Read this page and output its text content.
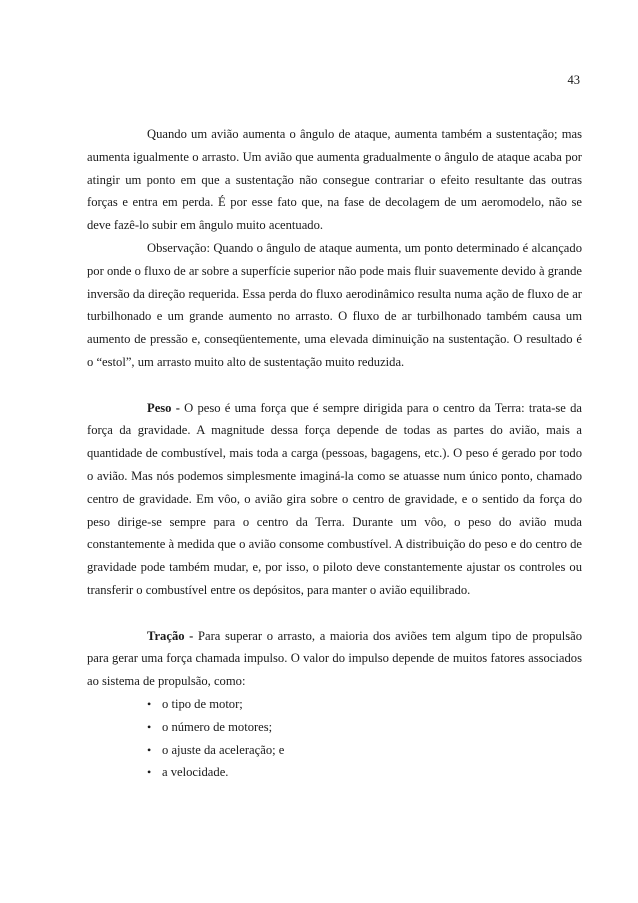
43

Quando um avião aumenta o ângulo de ataque, aumenta também a sustentação; mas aumenta igualmente o arrasto. Um avião que aumenta gradualmente o ângulo de ataque acaba por atingir um ponto em que a sustentação não consegue contrariar o efeito resultante das outras forças e entra em perda. É por esse fato que, na fase de decolagem de um aeromodelo, não se deve fazê-lo subir em ângulo muito acentuado.

Observação: Quando o ângulo de ataque aumenta, um ponto determinado é alcançado por onde o fluxo de ar sobre a superfície superior não pode mais fluir suavemente devido à grande inversão da direção requerida. Essa perda do fluxo aerodinâmico resulta numa ação de fluxo de ar turbilhonado e um grande aumento no arrasto. O fluxo de ar turbilhonado também causa um aumento de pressão e, conseqüentemente, uma elevada diminuição na sustentação. O resultado é o “estol”, um arrasto muito alto de sustentação muito reduzida.

Peso - O peso é uma força que é sempre dirigida para o centro da Terra: trata-se da força da gravidade. A magnitude dessa força depende de todas as partes do avião, mais a quantidade de combustível, mais toda a carga (pessoas, bagagens, etc.). O peso é gerado por todo o avião. Mas nós podemos simplesmente imaginá-la como se atuasse num único ponto, chamado centro de gravidade. Em vôo, o avião gira sobre o centro de gravidade, e o sentido da força do peso dirige-se sempre para o centro da Terra. Durante um vôo, o peso do avião muda constantemente à medida que o avião consome combustível. A distribuição do peso e do centro de gravidade pode também mudar, e, por isso, o piloto deve constantemente ajustar os controles ou transferir o combustível entre os depósitos, para manter o avião equilibrado.

Tração - Para superar o arrasto, a maioria dos aviões tem algum tipo de propulsão para gerar uma força chamada impulso. O valor do impulso depende de muitos fatores associados ao sistema de propulsão, como:

• o tipo de motor;
• o número de motores;
• o ajuste da aceleração; e
• a velocidade.
